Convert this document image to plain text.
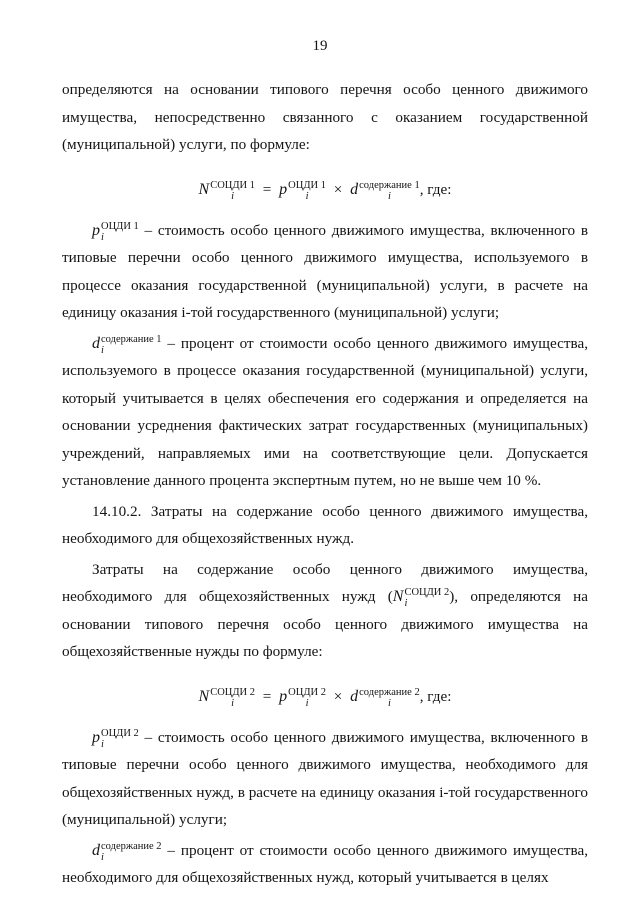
19

определяются на основании типового перечня особо ценного движимого имущества, непосредственно связанного с оказанием государственной (муниципальной) услуги, по формуле:

N СОЦДИ 1
i	= p ОЦДИ 1
i	× d содержание 1
i	, где:

p ОЦДИ 1
i	– стоимость особо ценного движимого имущества, включенного в типовые перечни особо ценного движимого имущества, используемого в процессе оказания государственной (муниципальной) услуги, в расчете на единицу оказания i-той государственного (муниципальной) услуги;

d содержание 1
i	– процент от стоимости особо ценного движимого имущества, используемого в процессе оказания государственной (муниципальной) услуги, который учитывается в целях обеспечения его содержания и определяется на основании усреднения фактических затрат государственных (муниципальных) учреждений, направляемых ими на соответствующие цели. Допускается установление данного процента экспертным путем, но не выше чем 10 %.

14.10.2. Затраты на содержание особо ценного движимого имущества, необходимого для общехозяйственных нужд.

Затраты на содержание особо ценного движимого имущества, необходимого для общехозяйственных нужд (N СОЦДИ 2
i	), определяются на основании типового перечня особо ценного движимого имущества на общехозяйственные нужды по формуле:

N СОЦДИ 2
i	= p ОЦДИ 2
i	× d содержание 2
i	, где:

p ОЦДИ 2
i	– стоимость особо ценного движимого имущества, включенного в типовые перечни особо ценного движимого имущества, необходимого для общехозяйственных нужд, в расчете на единицу оказания i-той государственного (муниципальной) услуги;

d содержание 2
i	– процент от стоимости особо ценного движимого имущества, необходимого для общехозяйственных нужд, который учитывается в целях
